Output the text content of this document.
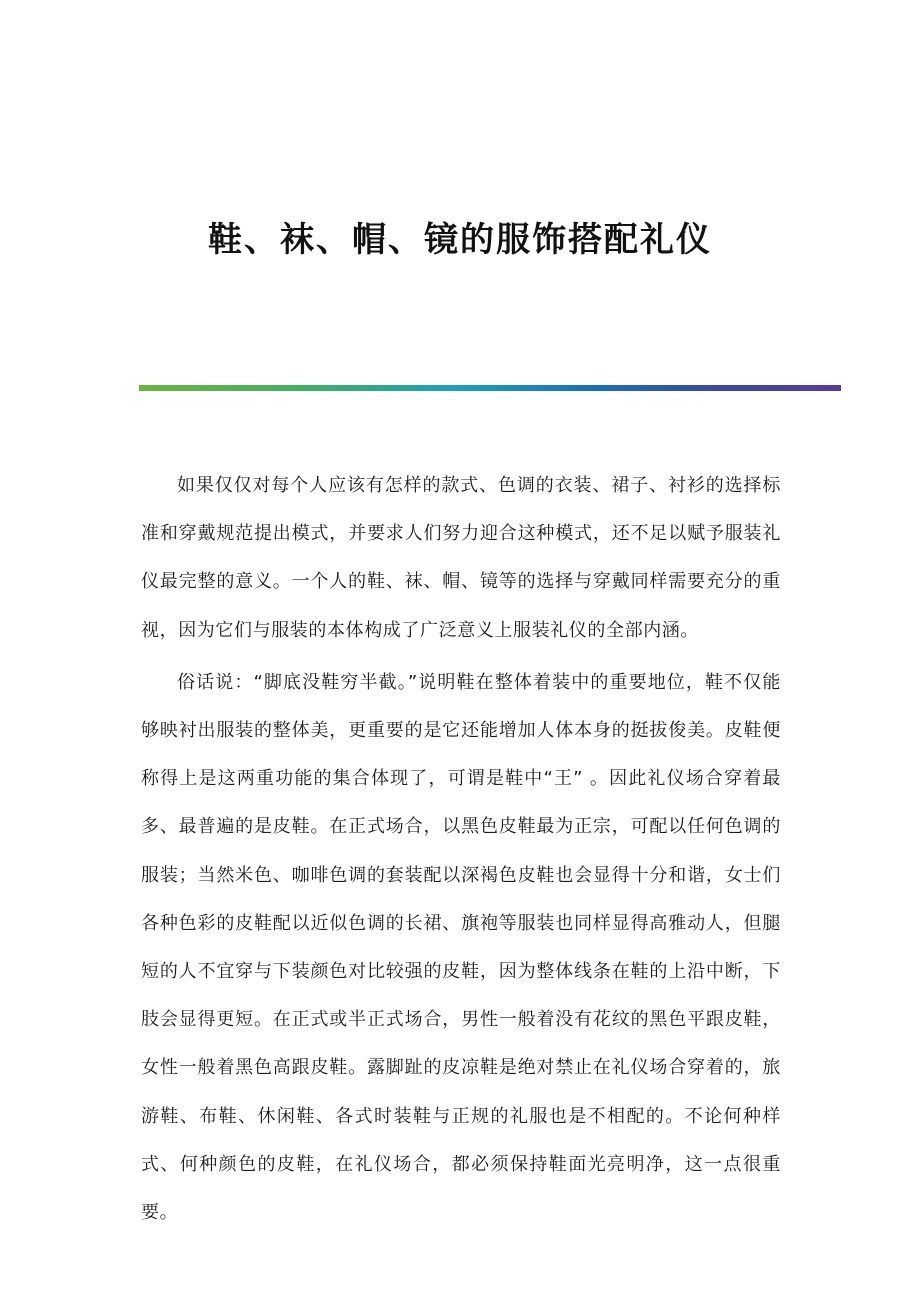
鞋、袜、帽、镜的服饰搭配礼仪

如果仅仅对每个人应该有怎样的款式、色调的衣装、裙子、衬衫的选择标准和穿戴规范提出模式，并要求人们努力迎合这种模式，还不足以赋予服装礼仪最完整的意义。一个人的鞋、袜、帽、镜等的选择与穿戴同样需要充分的重视，因为它们与服装的本体构成了广泛意义上服装礼仪的全部内涵。

俗话说：“脚底没鞋穷半截。”说明鞋在整体着装中的重要地位，鞋不仅能够映衬出服装的整体美，更重要的是它还能增加人体本身的挺拔俊美。皮鞋便称得上是这两重功能的集合体现了，可谓是鞋中“王” 。因此礼仪场合穿着最多、最普遍的是皮鞋。在正式场合，以黑色皮鞋最为正宗，可配以任何色调的服装；当然米色、咖啡色调的套装配以深褐色皮鞋也会显得十分和谐，女士们各种色彩的皮鞋配以近似色调的长裙、旗袍等服装也同样显得高雅动人，但腿短的人不宜穿与下装颜色对比较强的皮鞋，因为整体线条在鞋的上沿中断，下肢会显得更短。在正式或半正式场合，男性一般着没有花纹的黑色平跟皮鞋，女性一般着黑色高跟皮鞋。露脚趾的皮凉鞋是绝对禁止在礼仪场合穿着的，旅游鞋、布鞋、休闲鞋、各式时装鞋与正规的礼服也是不相配的。不论何种样式、何种颜色的皮鞋，在礼仪场合，都必须保持鞋面光亮明净，这一点很重要。
